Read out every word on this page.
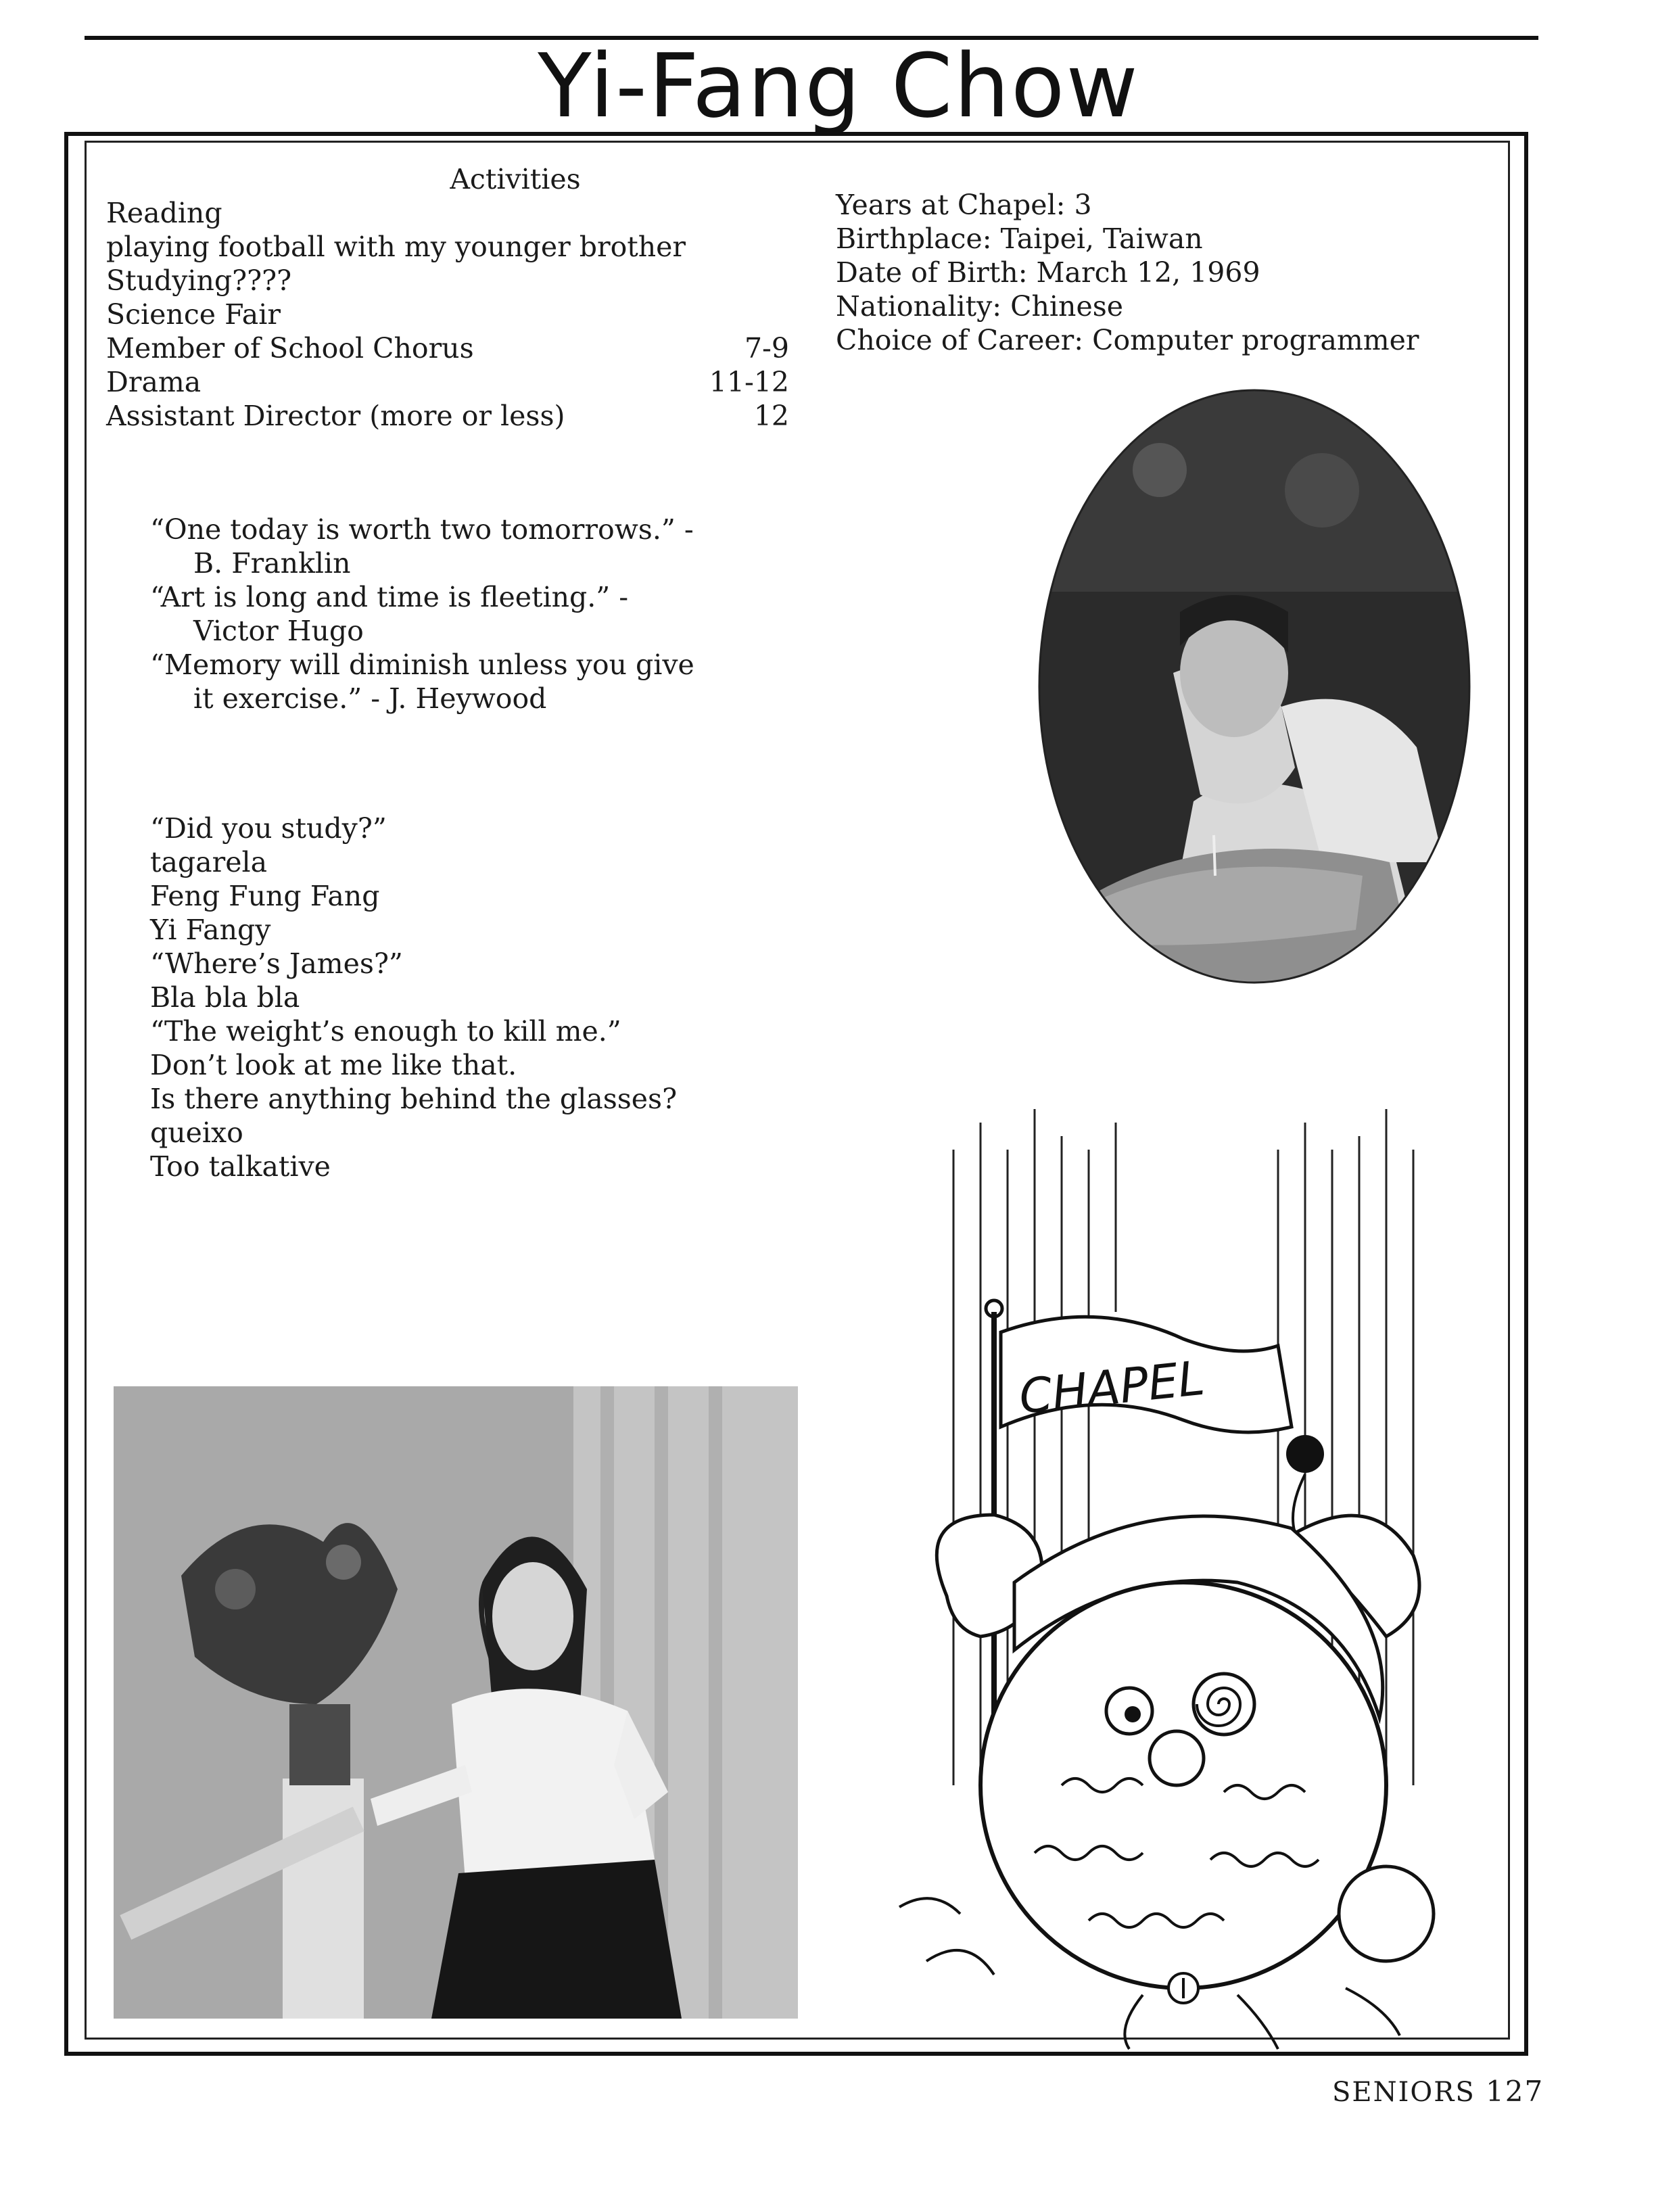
Yi-Fang Chow
Activities
Reading
playing football with my younger brother
Studying????
Science Fair
Member of School Chorus	7-9
Drama	11-12
Assistant Director (more or less)	12
Years at Chapel: 3
Birthplace: Taipei, Taiwan
Date of Birth: March 12, 1969
Nationality: Chinese
Choice of Career: Computer programmer
“One today is worth two tomorrows.” - B. Franklin
“Art is long and time is fleeting.” - Victor Hugo
“Memory will diminish unless you give it exercise.” - J. Heywood
“Did you study?”
tagarela
Feng Fung Fang
Yi Fangy
“Where’s James?”
Bla bla bla
“The weight’s enough to kill me.”
Don’t look at me like that.
Is there anything behind the glasses?
queixo
Too talkative
CHAPEL
SENIORS 127
